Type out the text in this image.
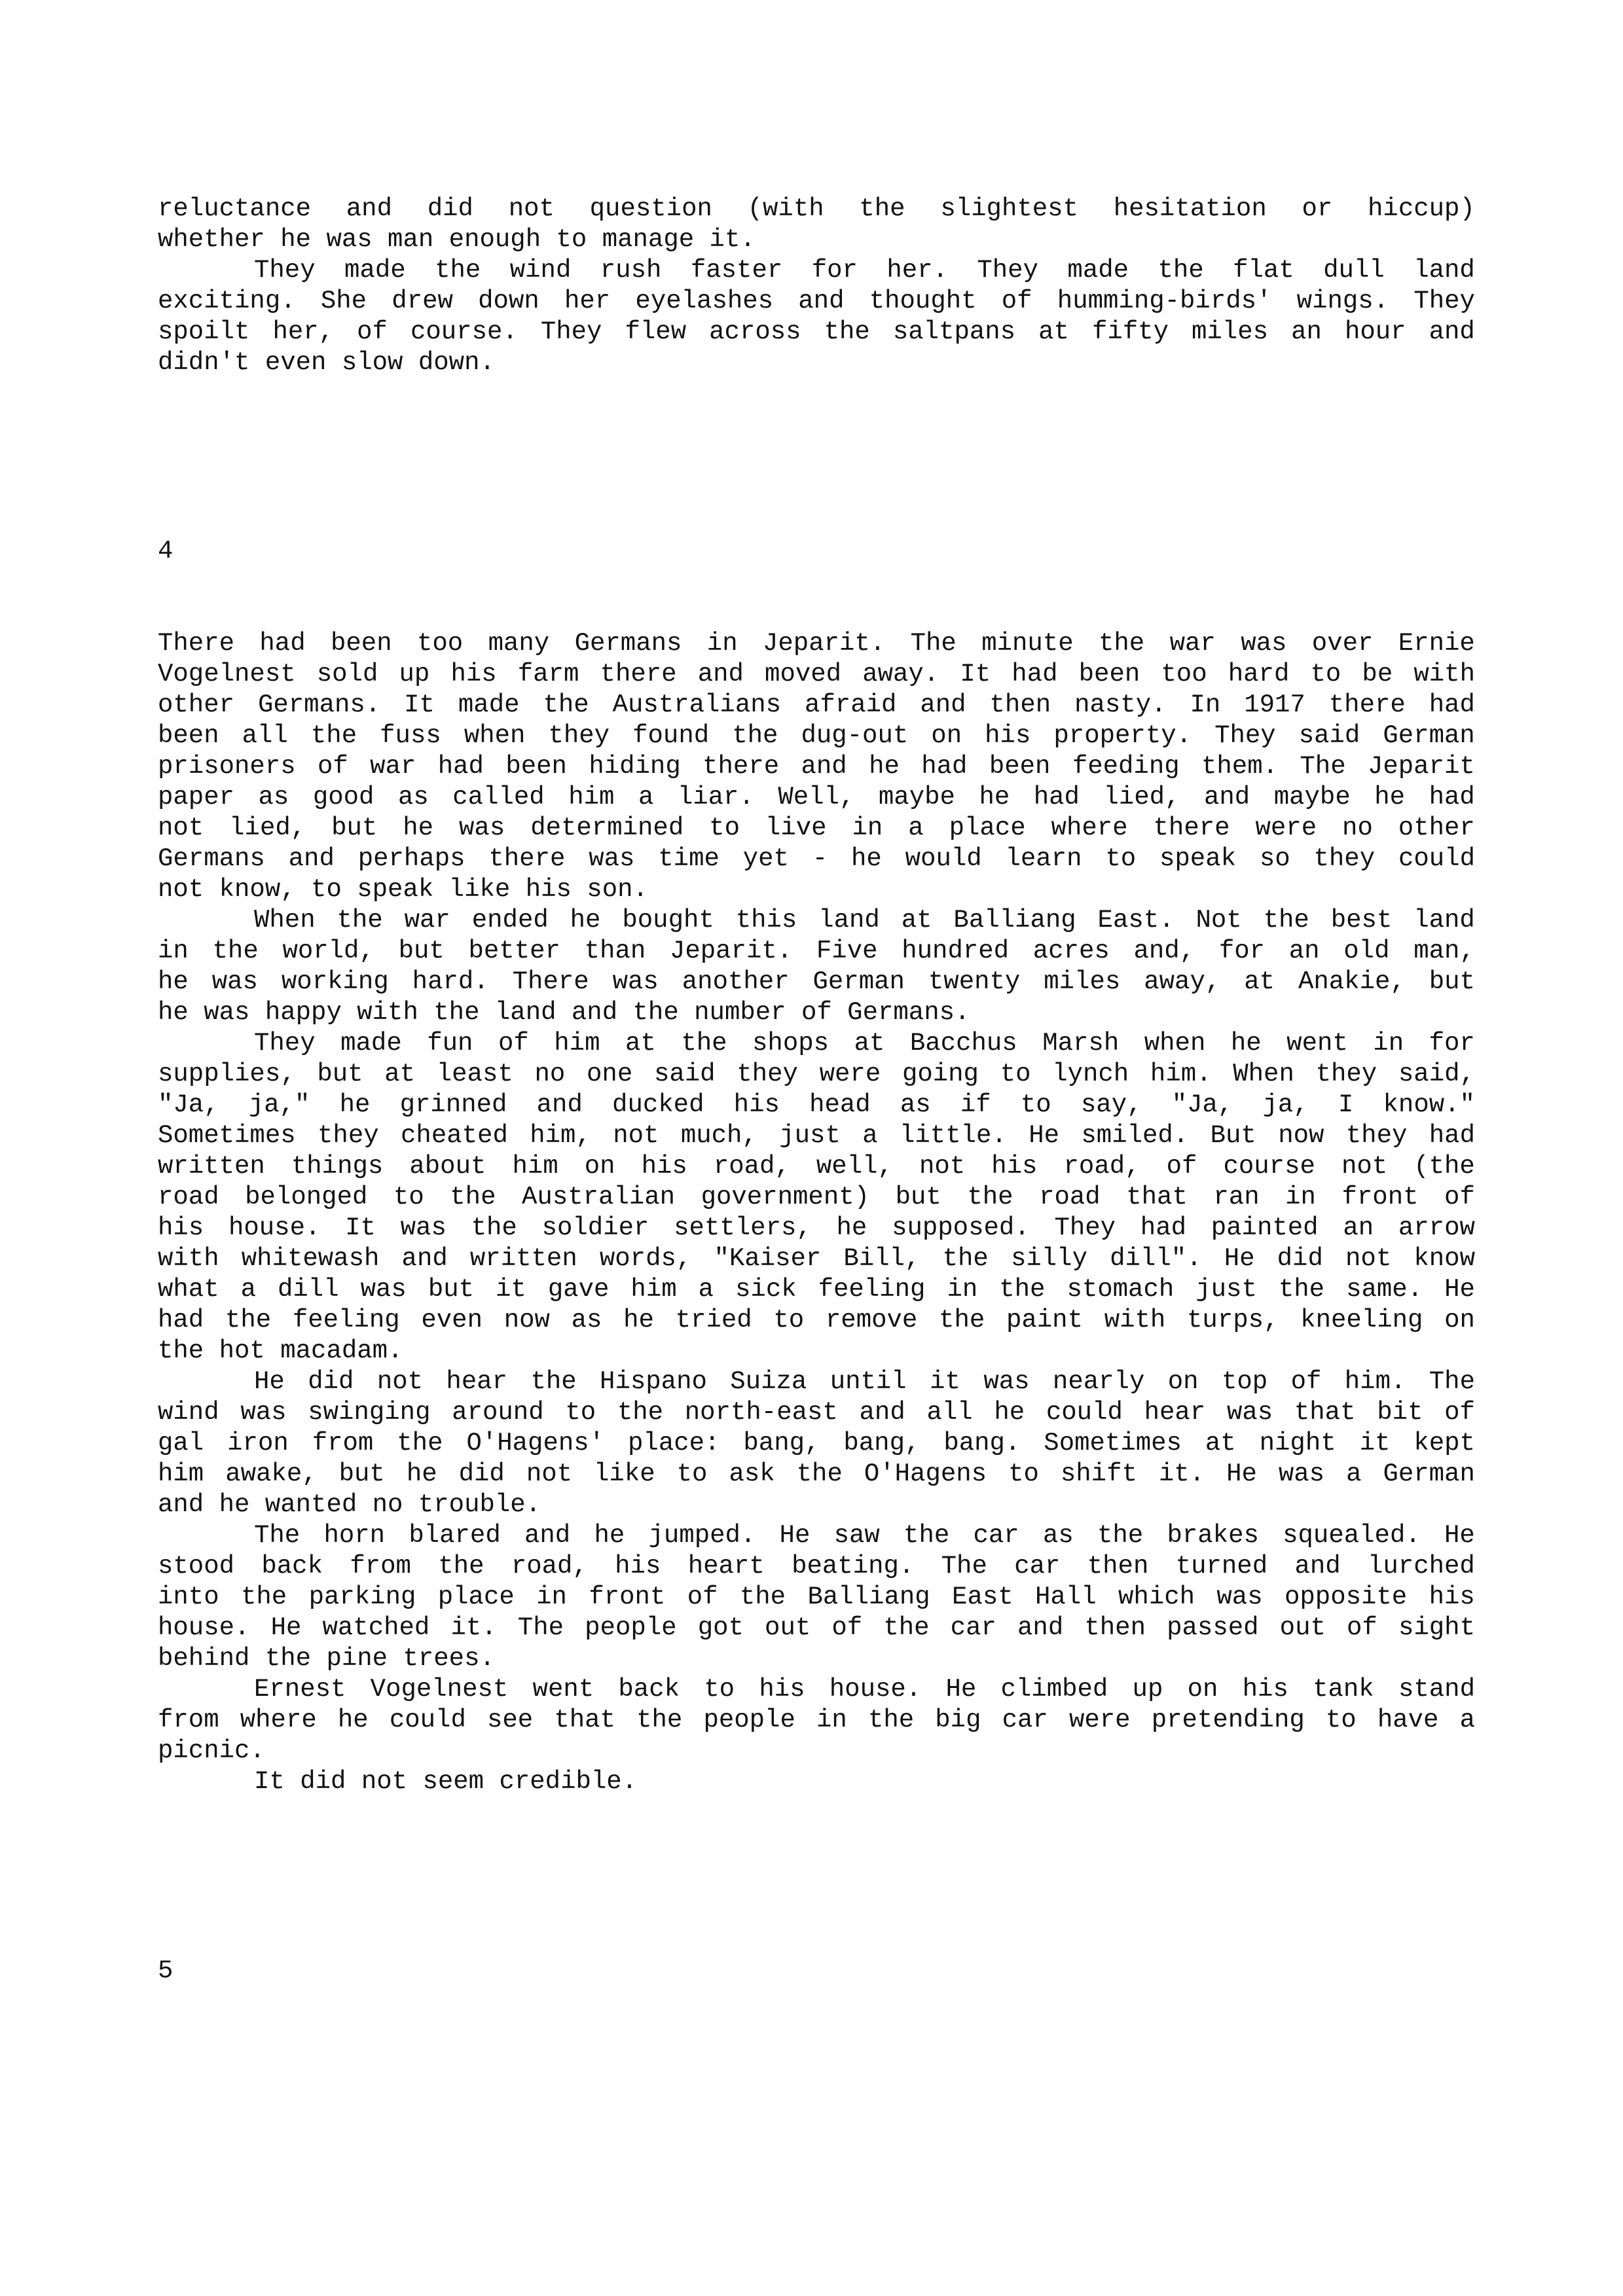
reluctance and did not question (with the slightest hesitation or hiccup)
whether he was man enough to manage it.
They made the wind rush faster for her. They made the flat dull land
exciting. She drew down her eyelashes and thought of humming-birds' wings. They
spoilt her, of course. They flew across the saltpans at fifty miles an hour and
didn't even slow down.
4
There had been too many Germans in Jeparit. The minute the war was over Ernie
Vogelnest sold up his farm there and moved away. It had been too hard to be with
other Germans. It made the Australians afraid and then nasty. In 1917 there had
been all the fuss when they found the dug-out on his property. They said German
prisoners of war had been hiding there and he had been feeding them. The Jeparit
paper as good as called him a liar. Well, maybe he had lied, and maybe he had
not lied, but he was determined to live in a place where there were no other
Germans and perhaps there was time yet - he would learn to speak so they could
not know, to speak like his son.
When the war ended he bought this land at Balliang East. Not the best land
in the world, but better than Jeparit. Five hundred acres and, for an old man,
he was working hard. There was another German twenty miles away, at Anakie, but
he was happy with the land and the number of Germans.
They made fun of him at the shops at Bacchus Marsh when he went in for
supplies, but at least no one said they were going to lynch him. When they said,
"Ja, ja," he grinned and ducked his head as if to say, "Ja, ja, I know."
Sometimes they cheated him, not much, just a little. He smiled. But now they had
written things about him on his road, well, not his road, of course not (the
road belonged to the Australian government) but the road that ran in front of
his house. It was the soldier settlers, he supposed. They had painted an arrow
with whitewash and written words, "Kaiser Bill, the silly dill". He did not know
what a dill was but it gave him a sick feeling in the stomach just the same. He
had the feeling even now as he tried to remove the paint with turps, kneeling on
the hot macadam.
He did not hear the Hispano Suiza until it was nearly on top of him. The
wind was swinging around to the north-east and all he could hear was that bit of
gal iron from the O'Hagens' place: bang, bang, bang. Sometimes at night it kept
him awake, but he did not like to ask the O'Hagens to shift it. He was a German
and he wanted no trouble.
The horn blared and he jumped. He saw the car as the brakes squealed. He
stood back from the road, his heart beating. The car then turned and lurched
into the parking place in front of the Balliang East Hall which was opposite his
house. He watched it. The people got out of the car and then passed out of sight
behind the pine trees.
Ernest Vogelnest went back to his house. He climbed up on his tank stand
from where he could see that the people in the big car were pretending to have a
picnic.
It did not seem credible.
5
